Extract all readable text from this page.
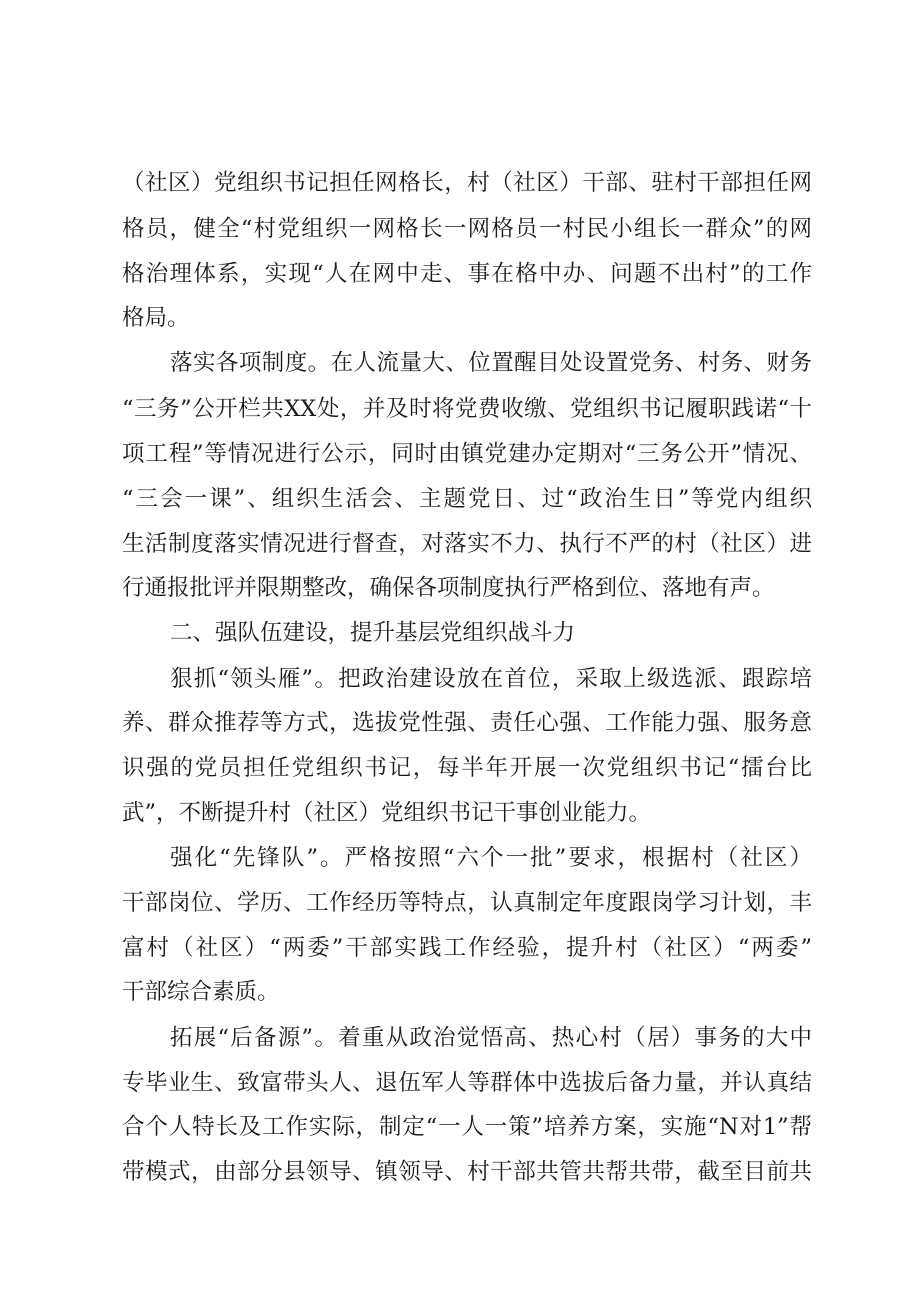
（社区）党组织书记担任网格长，村（社区）干部、驻村干部担任网
格员，健全“村党组织一网格长一网格员一村民小组长一群众”的网
格治理体系，实现“人在网中走、事在格中办、问题不出村”的工作
格局。
落实各项制度。在人流量大、位置醒目处设置党务、村务、财务
“三务”公开栏共XX处，并及时将党费收缴、党组织书记履职践诺“十
项工程”等情况进行公示，同时由镇党建办定期对“三务公开”情况、
“三会一课”、组织生活会、主题党日、过“政治生日”等党内组织
生活制度落实情况进行督查，对落实不力、执行不严的村（社区）进
行通报批评并限期整改，确保各项制度执行严格到位、落地有声。
二、强队伍建设，提升基层党组织战斗力
狠抓“领头雁”。把政治建设放在首位，采取上级选派、跟踪培
养、群众推荐等方式，选拔党性强、责任心强、工作能力强、服务意
识强的党员担任党组织书记，每半年开展一次党组织书记“擂台比
武”，不断提升村（社区）党组织书记干事创业能力。
强化“先锋队”。严格按照“六个一批”要求，根据村（社区）
干部岗位、学历、工作经历等特点，认真制定年度跟岗学习计划，丰
富村（社区）“两委”干部实践工作经验，提升村（社区）“两委”
干部综合素质。
拓展“后备源”。着重从政治觉悟高、热心村（居）事务的大中
专毕业生、致富带头人、退伍军人等群体中选拔后备力量，并认真结
合个人特长及工作实际，制定“一人一策”培养方案，实施“N对1”帮
带模式，由部分县领导、镇领导、村干部共管共帮共带，截至目前共
